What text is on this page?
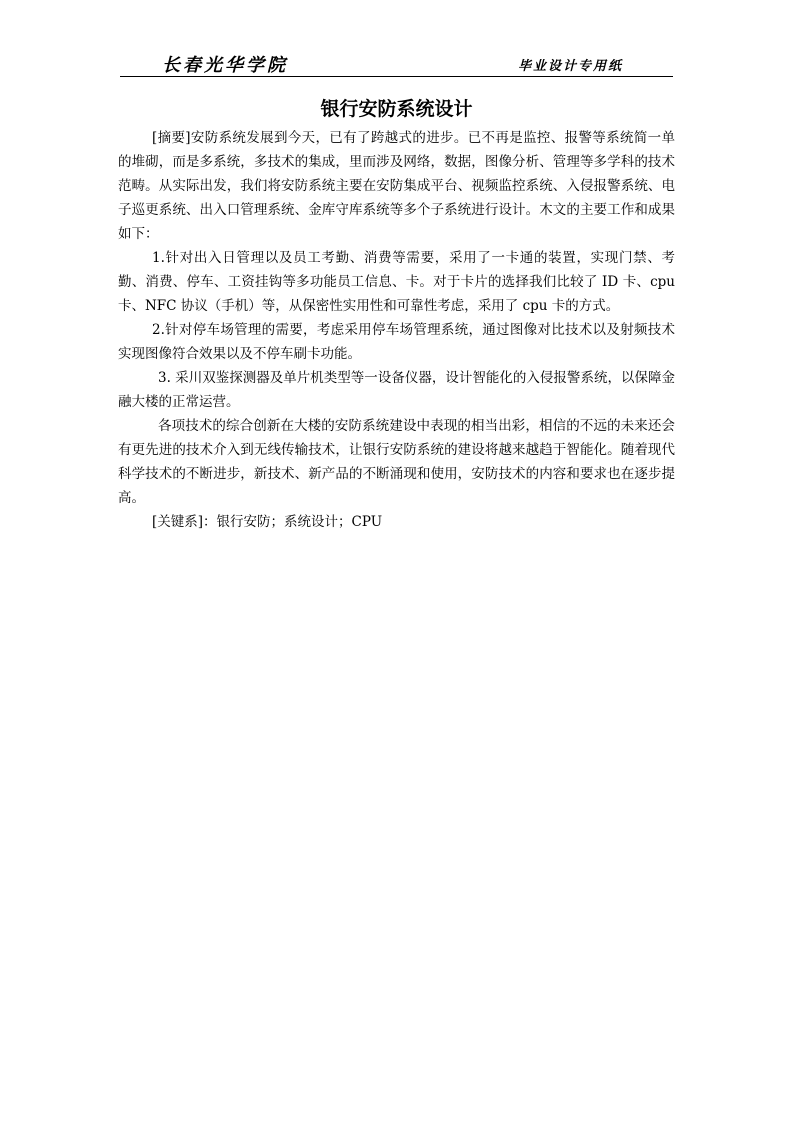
长春光华学院	毕业设计专用纸
银行安防系统设计

[摘要]安防系统发展到今天，已有了跨越式的进步。已不再是监控、报警等系统简一单的堆砌，而是多系统，多技术的集成，里而涉及网络，数据，图像分析、管理等多学科的技术范畴。从实际出发，我们将安防系统主要在安防集成平台、视频监控系统、入侵报警系统、电子巡更系统、出入口管理系统、金库守库系统等多个子系统进行设计。木文的主要工作和成果如下：

1.针对出入日管理以及员工考勤、消费等需要，采用了一卡通的装置，实现门禁、考勤、消费、停车、工资挂钩等多功能员工信息、卡。对于卡片的选择我们比较了 ID 卡、cpu 卡、NFC 协议（手机）等，从保密性实用性和可靠性考虑，采用了 cpu 卡的方式。

2.针对停车场管理的需要，考虑采用停车场管理系统，通过图像对比技术以及射频技术实现图像符合效果以及不停车刷卡功能。

3. 采川双鉴探测器及单片机类型等一设备仪器，设计智能化的入侵报警系统，以保障金融大楼的正常运营。

各项技术的综合创新在大楼的安防系统建设中表现的相当出彩，相信的不远的未来还会有更先进的技术介入到无线传输技术，让银行安防系统的建设将越来越趋于智能化。随着现代科学技术的不断进步，新技术、新产品的不断涌现和使用，安防技术的内容和要求也在逐步提高。

[关键系]：银行安防；系统设计；CPU
